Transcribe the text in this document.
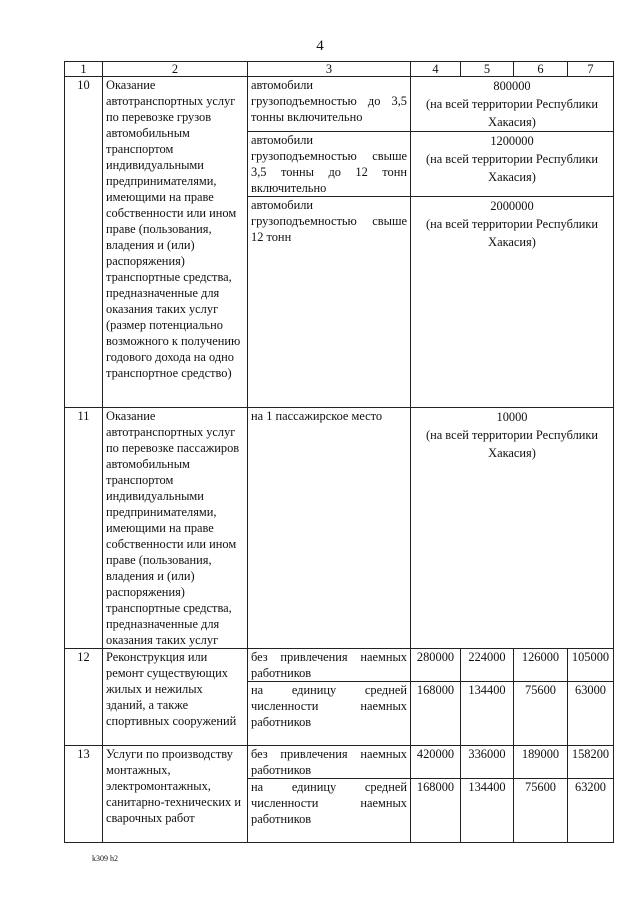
4
1	2	3	4	5	6	7
10	Оказание автотранспортных услуг по перевозке грузов автомобильным транспортом индивидуальными предпринимателями, имеющими на праве собственности или ином праве (пользования, владения и (или) распоряжения) транспортные средства, предназначенные для оказания таких услуг (размер потенциально возможного к получению годового дохода на одно транспортное средство)	автомобили грузоподъемностью до 3,5 тонны включительно	800000
(на всей территории Республики Хакасия)			

		автомобили грузоподъемностью свыше 3,5 тонны до 12 тонн включительно	1200000
(на всей территории Республики Хакасия)			

		автомобили грузоподъемностью свыше 12 тонн	2000000
(на всей территории Республики Хакасия)			

11	Оказание автотранспортных услуг по перевозке пассажиров автомобильным транспортом индивидуальными предпринимателями, имеющими на праве собственности или ином праве (пользования, владения и (или) распоряжения) транспортные средства, предназначенные для оказания таких услуг	на 1 пассажирское место	10000
(на всей территории Республики Хакасия)			

12	Реконструкция или ремонт существующих жилых и нежилых зданий, а также спортивных сооружений	без привлечения наемных работников	280000	224000	126000	105000
		на единицу средней численности наемных работников	168000	134400	75600	63000
13	Услуги по производству монтажных, электромонтажных, санитарно-технических и сварочных работ	без привлечения наемных работников	420000	336000	189000	158200
		на единицу средней численности наемных работников	168000	134400	75600	63200
k309 h2
